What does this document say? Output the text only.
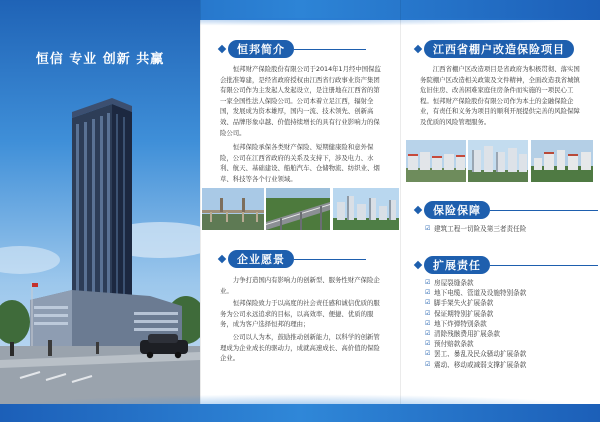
恒信 专业 创新 共赢
恒邦简介

恒邦财产保险股份有限公司于2014年1月经中国保监会批准筹建，是经省政府授权由江西省行政事业资产集团有限公司作为主发起人发起设立，是注册地在江西省的第一家全国性法人保险公司。公司本着立足江西，辐射全国，发展成为资本雄厚，国内一流、技术领先、创新高效、品牌形象卓越、价值持续增长的具有行业影响力的保险公司。

恒邦保险承保各类财产保险、短期健康险和意外保险，公司在江西省政府的关系及支持下，涉及电力、水利、航天、基础建设、船舶汽车、仓储物流、纺织业、烟草、科技等各个行业领域。

企业愿景

力争打造国内有影响力的创新型、服务性财产保险企业。

恒邦保险致力于以高度的社会责任感和诚信优质的服务为公司永远追求的目标，以高效率、便捷、优质的服务，成为客户选择恒邦的理由；

公司以人为本，鼓励推动创新能力，以科学的创新管理成为企业成长的驱动力，成就高速成长、高价值的保险企业。

江西省棚户改造保险项目

江西省棚户区改造项目是省政府为积极贯彻、落实国务院棚户区改造相关政策及文件精神，全面改造我省城镇危旧住房、改善困难家庭住房条件而实施的一项民心工程。恒邦财产保险股份有限公司作为本土的金融保险企业，有责任和义务为项目的顺利开展提供完善的风险保障及优质的风险管理服务。

保险保障
☑ 建筑工程一切险及第三者责任险
扩展责任
☑ 房屋裂缝条款
☑ 地下电缆、管道及设施特别条款
☑ 脚手架失火扩展条款
☑ 保证期特别扩展条款
☑ 地下炸弹特别条款
☑ 清除残骸费用扩展条款
☑ 预付赔款条款
☑ 罢工、暴乱及民众骚动扩展条款
☑ 震动、移动或减弱支撑扩展条款
